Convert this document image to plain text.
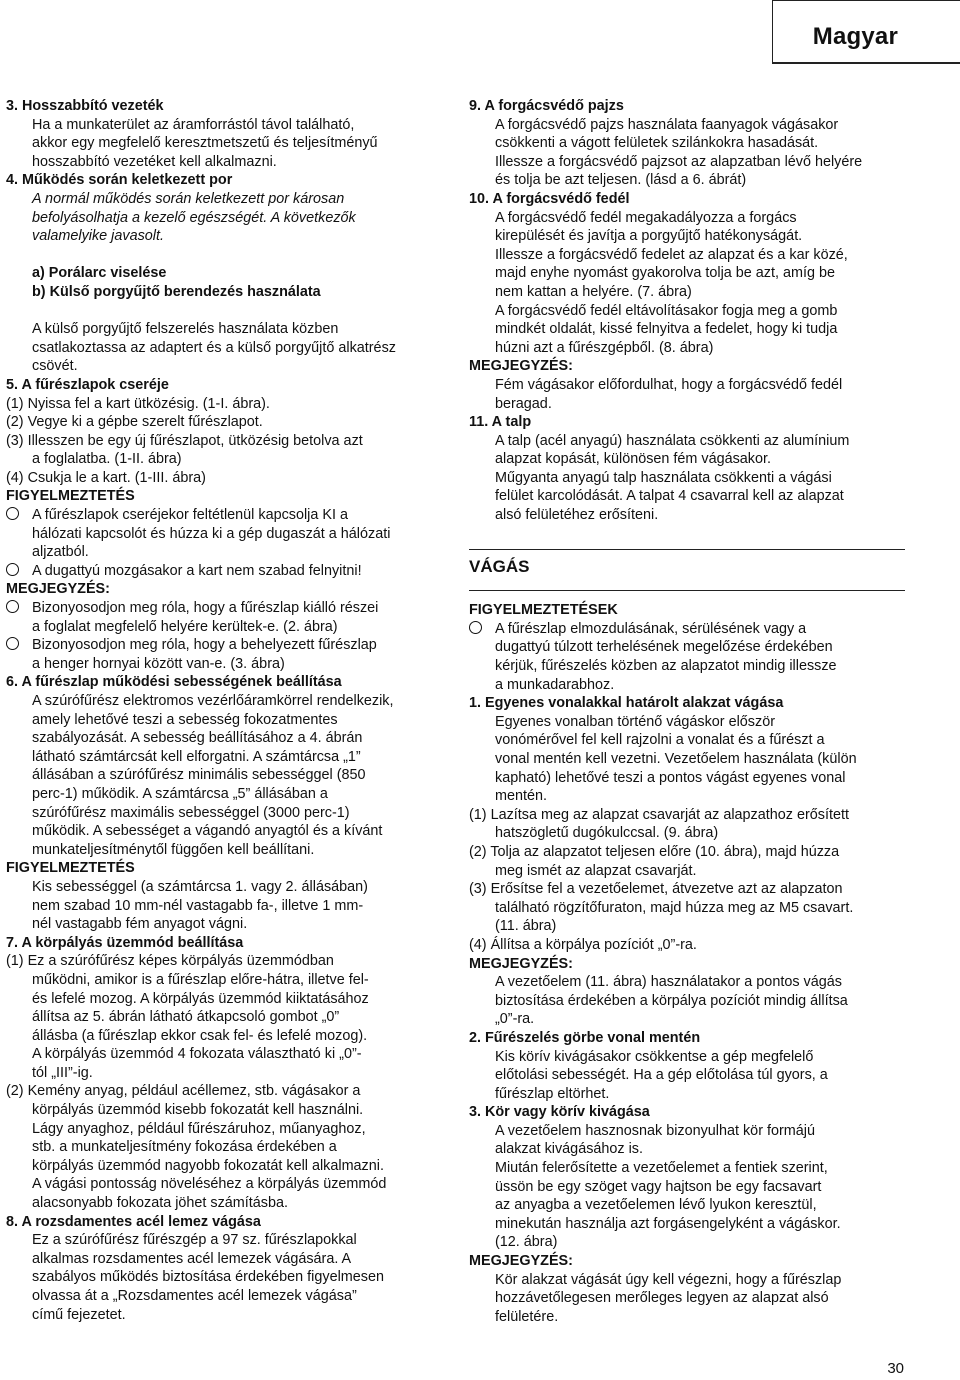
Magyar

3. Hosszabbító vezeték

Ha a munkaterület az áramforrástól távol található,

akkor egy megfelelő keresztmetszetű és teljesítményű

hosszabbító vezetéket kell alkalmazni.

4. Működés során keletkezett por

A normál működés során keletkezett por károsan

befolyásolhatja a kezelő egészségét. A következők

valamelyike javasolt.

a) Porálarc viselése

b) Külső porgyűjtő berendezés használata

A külső porgyűjtő felszerelés használata közben

csatlakoztassa az adaptert és a külső porgyűjtő alkatrész

csövét.

5. A fűrészlapok cseréje

(1) Nyissa fel a kart ütközésig. (1-I. ábra).

(2) Vegye ki a gépbe szerelt fűrészlapot.

(3) Illesszen be egy új fűrészlapot, ütközésig betolva azt

a foglalatba. (1-II. ábra)

(4) Csukja le a kart. (1-III. ábra)

FIGYELMEZTETÉS

A fűrészlapok cseréjekor feltétlenül kapcsolja KI a
hálózati kapcsolót és húzza ki a gép dugaszát a hálózati
aljzatból.
A dugattyú mozgásakor a kart nem szabad felnyitni!

MEGJEGYZÉS:

Bizonyosodjon meg róla, hogy a fűrészlap kiálló részei
a foglalat megfelelő helyére kerültek-e. (2. ábra)
Bizonyosodjon meg róla, hogy a behelyezett fűrészlap
a henger hornyai között van-e. (3. ábra)

6. A fűrészlap működési sebességének beállítása

A szúrófűrész elektromos vezérlőáramkörrel rendelkezik,

amely lehetővé teszi a sebesség fokozatmentes

szabályozását. A sebesség beállításához a 4. ábrán

látható számtárcsát kell elforgatni. A számtárcsa „1”

állásában a szúrófűrész minimális sebességgel (850

perc-1) működik. A számtárcsa „5” állásában a

szúrófűrész maximális sebességgel (3000 perc-1)

működik. A sebességet a vágandó anyagtól és a kívánt

munkateljesítménytől függően kell beállítani.

FIGYELMEZTETÉS

Kis sebességgel (a számtárcsa 1. vagy 2. állásában)

nem szabad 10 mm-nél vastagabb fa-, illetve 1 mm-

nél vastagabb fém anyagot vágni.

7. A körpályás üzemmód beállítása

(1) Ez a szúrófűrész képes körpályás üzemmódban

működni, amikor is a fűrészlap előre-hátra, illetve fel-

és lefelé mozog. A körpályás üzemmód kiiktatásához

állítsa az 5. ábrán látható átkapcsoló gombot „0”

állásba (a fűrészlap ekkor csak fel- és lefelé mozog).

A körpályás üzemmód 4 fokozata választható ki „0”-

tól „III”-ig.

(2) Kemény anyag, például acéllemez, stb. vágásakor a

körpályás üzemmód kisebb fokozatát kell használni.

Lágy anyaghoz, például fűrészáruhoz, műanyaghoz,

stb. a munkateljesítmény fokozása érdekében a

körpályás üzemmód nagyobb fokozatát kell alkalmazni.

A vágási pontosság növeléséhez a körpályás üzemmód

alacsonyabb fokozata jöhet számításba.

8. A rozsdamentes acél lemez vágása

Ez a szúrófűrész fűrészgép a 97 sz. fűrészlapokkal

alkalmas rozsdamentes acél lemezek vágására. A

szabályos működés biztosítása érdekében figyelmesen

olvassa át a „Rozsdamentes acél lemezek vágása”

című fejezetet.

9. A forgácsvédő pajzs

A forgácsvédő pajzs használata faanyagok vágásakor

csökkenti a vágott felületek szilánkokra hasadását.

Illessze a forgácsvédő pajzsot az alapzatban lévő helyére

és tolja be azt teljesen. (lásd a 6. ábrát)

10. A forgácsvédő fedél

A forgácsvédő fedél megakadályozza a forgács

kirepülését és javítja a porgyűjtő hatékonyságát.

Illessze a forgácsvédő fedelet az alapzat és a kar közé,

majd enyhe nyomást gyakorolva tolja be azt, amíg be

nem kattan a helyére. (7. ábra)

A forgácsvédő fedél eltávolításakor fogja meg a gomb

mindkét oldalát, kissé felnyitva a fedelet, hogy ki tudja

húzni azt a fűrészgépből. (8. ábra)

MEGJEGYZÉS:

Fém vágásakor előfordulhat, hogy a forgácsvédő fedél

beragad.

11. A talp

A talp (acél anyagú) használata csökkenti az alumínium

alapzat kopását, különösen fém vágásakor.

Műgyanta anyagú talp használata csökkenti a vágási

felület karcolódását. A talpat 4 csavarral kell az alapzat

alsó felületéhez erősíteni.

VÁGÁS

FIGYELMEZTETÉSEK

A fűrészlap elmozdulásának, sérülésének vagy a
dugattyú túlzott terhelésének megelőzése érdekében
kérjük, fűrészelés közben az alapzatot mindig illessze
a munkadarabhoz.

1. Egyenes vonalakkal határolt alakzat vágása

Egyenes vonalban történő vágáskor először

vonómérővel fel kell rajzolni a vonalat és a fűrészt a

vonal mentén kell vezetni. Vezetőelem használata (külön

kapható) lehetővé teszi a pontos vágást egyenes vonal

mentén.

(1) Lazítsa meg az alapzat csavarját az alapzathoz erősített

hatszögletű dugókulccsal. (9. ábra)

(2) Tolja az alapzatot teljesen előre (10. ábra), majd húzza

meg ismét az alapzat csavarját.

(3) Erősítse fel a vezetőelemet, átvezetve azt az alapzaton

található rögzítőfuraton, majd húzza meg az M5 csavart.

(11. ábra)

(4) Állítsa a körpálya pozíciót „0”-ra.

MEGJEGYZÉS:

A vezetőelem (11. ábra) használatakor a pontos vágás

biztosítása érdekében a körpálya pozíciót mindig állítsa

„0”-ra.

2. Fűrészelés görbe vonal mentén

Kis körív kivágásakor csökkentse a gép megfelelő

előtolási sebességét. Ha a gép előtolása túl gyors, a

fűrészlap eltörhet.

3. Kör vagy körív kivágása

A vezetőelem hasznosnak bizonyulhat kör formájú

alakzat kivágásához is.

Miután felerősítette a vezetőelemet a fentiek szerint,

üssön be egy szöget vagy hajtson be egy facsavart

az anyagba a vezetőelemen lévő lyukon keresztül,

minekután használja azt forgásengelyként a vágáskor.

(12. ábra)

MEGJEGYZÉS:

Kör alakzat vágását úgy kell végezni, hogy a fűrészlap

hozzávetőlegesen merőleges legyen az alapzat alsó

felületére.

30
